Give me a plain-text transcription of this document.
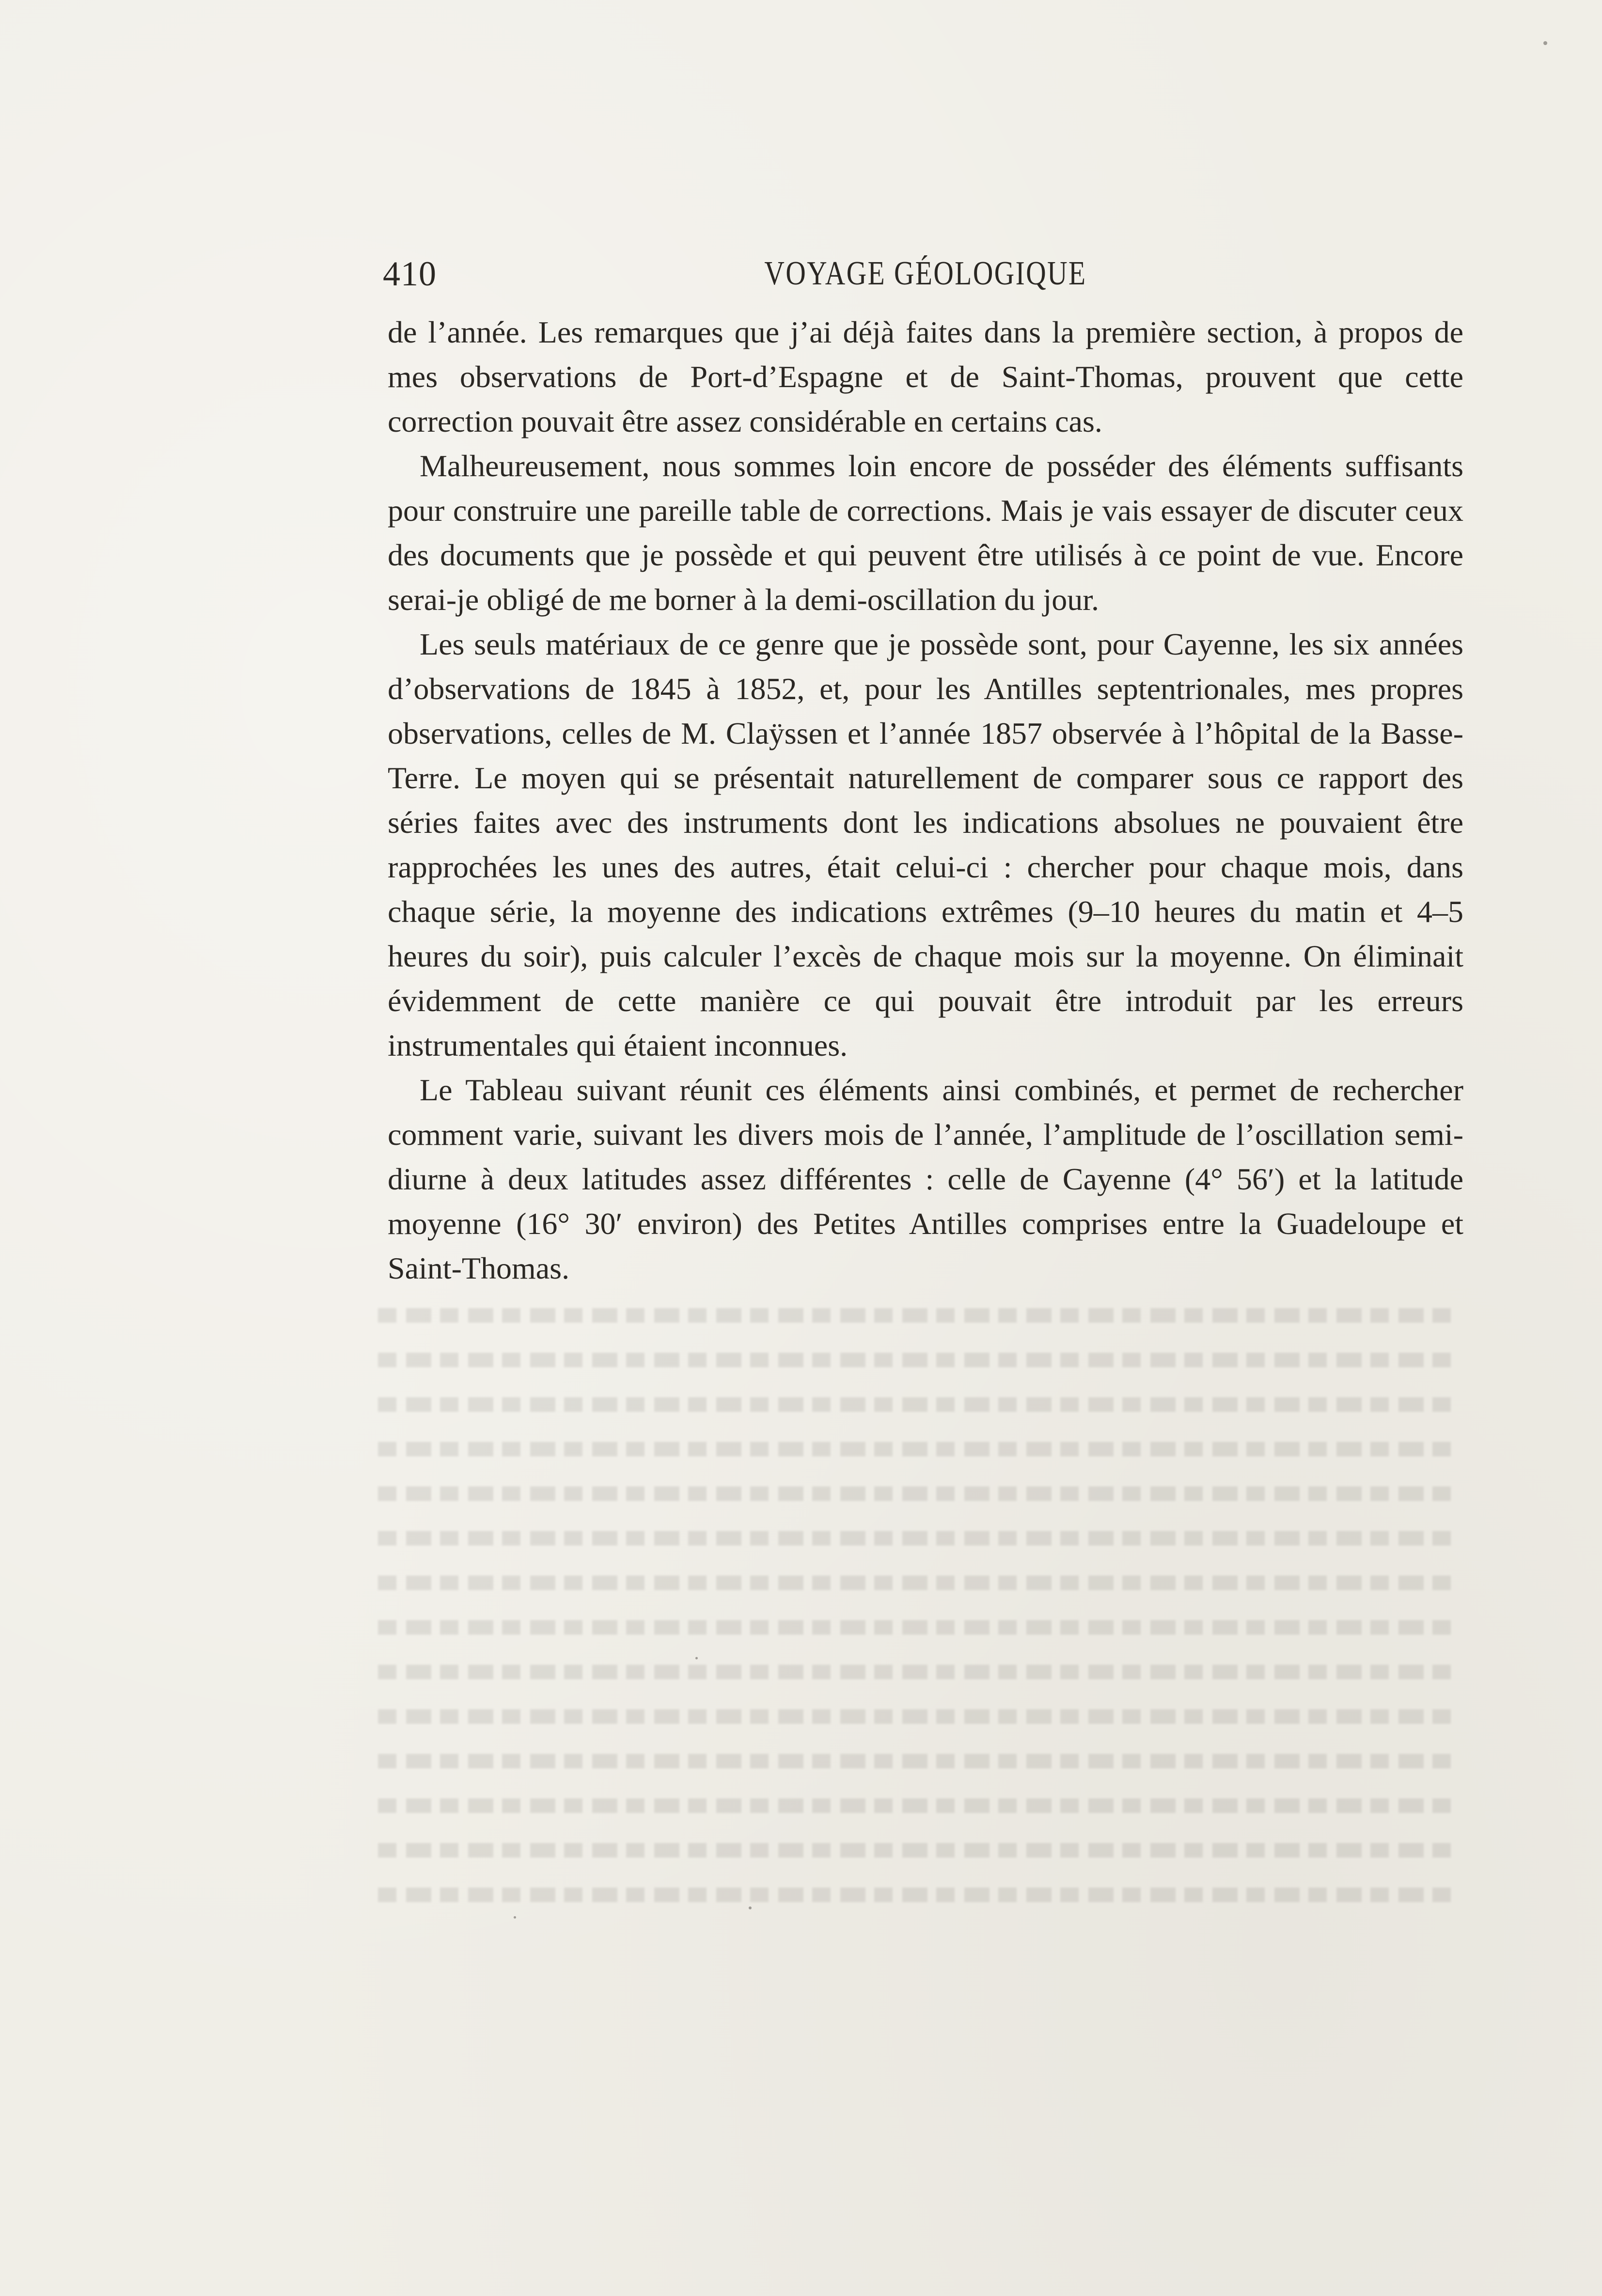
410	VOYAGE GÉOLOGIQUE

de l’année. Les remarques que j’ai déjà faites dans la première section, à propos de mes observations de Port-d’Espagne et de Saint-Thomas, prouvent que cette correction pouvait être assez considérable en certains cas.

Malheureusement, nous sommes loin encore de posséder des éléments suffisants pour construire une pareille table de corrections. Mais je vais essayer de discuter ceux des documents que je possède et qui peuvent être utilisés à ce point de vue. Encore serai-je obligé de me borner à la demi-oscillation du jour.

Les seuls matériaux de ce genre que je possède sont, pour Cayenne, les six années d’observations de 1845 à 1852, et, pour les Antilles septentrionales, mes propres observations, celles de M. Claÿssen et l’année 1857 observée à l’hôpital de la Basse-Terre. Le moyen qui se présentait naturellement de comparer sous ce rapport des séries faites avec des instruments dont les indications absolues ne pouvaient être rapprochées les unes des autres, était celui-ci : chercher pour chaque mois, dans chaque série, la moyenne des indications extrêmes (9–10 heures du matin et 4–5 heures du soir), puis calculer l’excès de chaque mois sur la moyenne. On éliminait évidemment de cette manière ce qui pouvait être introduit par les erreurs instrumentales qui étaient inconnues.

Le Tableau suivant réunit ces éléments ainsi combinés, et permet de rechercher comment varie, suivant les divers mois de l’année, l’amplitude de l’oscillation semi-diurne à deux latitudes assez différentes : celle de Cayenne (4° 56′) et la latitude moyenne (16° 30′ environ) des Petites Antilles comprises entre la Guadeloupe et Saint-Thomas.
